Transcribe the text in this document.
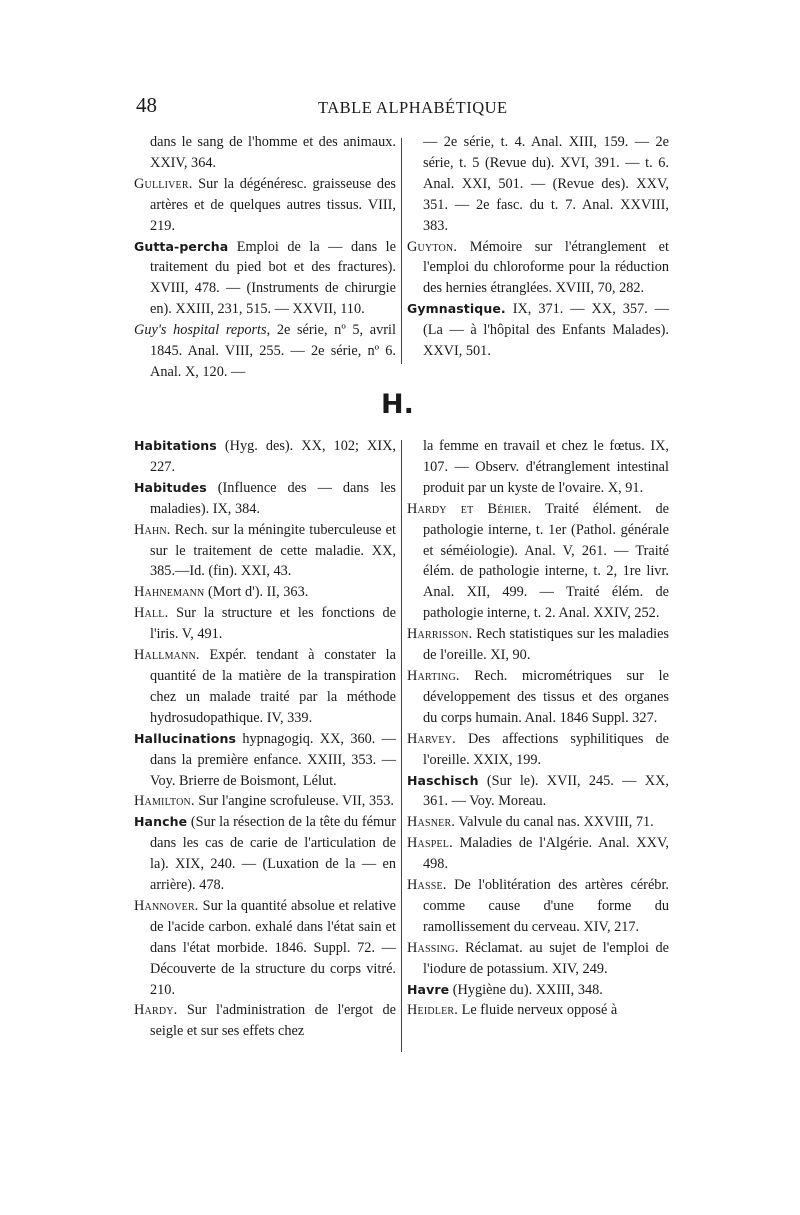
48	TABLE ALPHABÉTIQUE

dans le sang de l'homme et des animaux. XXIV, 364.

Gulliver. Sur la dégénéresc. graisseuse des artères et de quelques autres tissus. VIII, 219.

Gutta-percha Emploi de la — dans le traitement du pied bot et des fractures). XVIII, 478. — (Instruments de chirurgie en). XXIII, 231, 515. — XXVII, 110.

Guy's hospital reports, 2e série, nº 5, avril 1845. Anal. VIII, 255. — 2e série, nº 6. Anal. X, 120. —

— 2e série, t. 4. Anal. XIII, 159. — 2e série, t. 5 (Revue du). XVI, 391. — t. 6. Anal. XXI, 501. — (Revue des). XXV, 351. — 2e fasc. du t. 7. Anal. XXVIII, 383.

Guyton. Mémoire sur l'étranglement et l'emploi du chloroforme pour la réduction des hernies étranglées. XVIII, 70, 282.

Gymnastique. IX, 371. — XX, 357. — (La — à l'hôpital des Enfants Malades). XXVI, 501.

H.

Habitations (Hyg. des). XX, 102; XIX, 227.

Habitudes (Influence des — dans les maladies). IX, 384.

Hahn. Rech. sur la méningite tuberculeuse et sur le traitement de cette maladie. XX, 385.—Id. (fin). XXI, 43.

Hahnemann (Mort d'). II, 363.

Hall. Sur la structure et les fonctions de l'iris. V, 491.

Hallmann. Expér. tendant à constater la quantité de la matière de la transpiration chez un malade traité par la méthode hydrosudopathique. IV, 339.

Hallucinations hypnagogiq. XX, 360. — dans la première enfance. XXIII, 353. — Voy. Brierre de Boismont, Lélut.

Hamilton. Sur l'angine scrofuleuse. VII, 353.

Hanche (Sur la résection de la tête du fémur dans les cas de carie de l'articulation de la). XIX, 240. — (Luxation de la — en arrière). 478.

Hannover. Sur la quantité absolue et relative de l'acide carbon. exhalé dans l'état sain et dans l'état morbide. 1846. Suppl. 72. — Découverte de la structure du corps vitré. 210.

Hardy. Sur l'administration de l'ergot de seigle et sur ses effets chez

la femme en travail et chez le fœtus. IX, 107. — Observ. d'étranglement intestinal produit par un kyste de l'ovaire. X, 91.

Hardy et Béhier. Traité élément. de pathologie interne, t. 1er (Pathol. générale et séméiologie). Anal. V, 261. — Traité élém. de pathologie interne, t. 2, 1re livr. Anal. XII, 499. — Traité élém. de pathologie interne, t. 2. Anal. XXIV, 252.

Harrisson. Rech statistiques sur les maladies de l'oreille. XI, 90.

Harting. Rech. micrométriques sur le développement des tissus et des organes du corps humain. Anal. 1846 Suppl. 327.

Harvey. Des affections syphilitiques de l'oreille. XXIX, 199.

Haschisch (Sur le). XVII, 245. — XX, 361. — Voy. Moreau.

Hasner. Valvule du canal nas. XXVIII, 71.

Haspel. Maladies de l'Algérie. Anal. XXV, 498.

Hasse. De l'oblitération des artères cérébr. comme cause d'une forme du ramollissement du cerveau. XIV, 217.

Hassing. Réclamat. au sujet de l'emploi de l'iodure de potassium. XIV, 249.

Havre (Hygiène du). XXIII, 348.

Heidler. Le fluide nerveux opposé à
